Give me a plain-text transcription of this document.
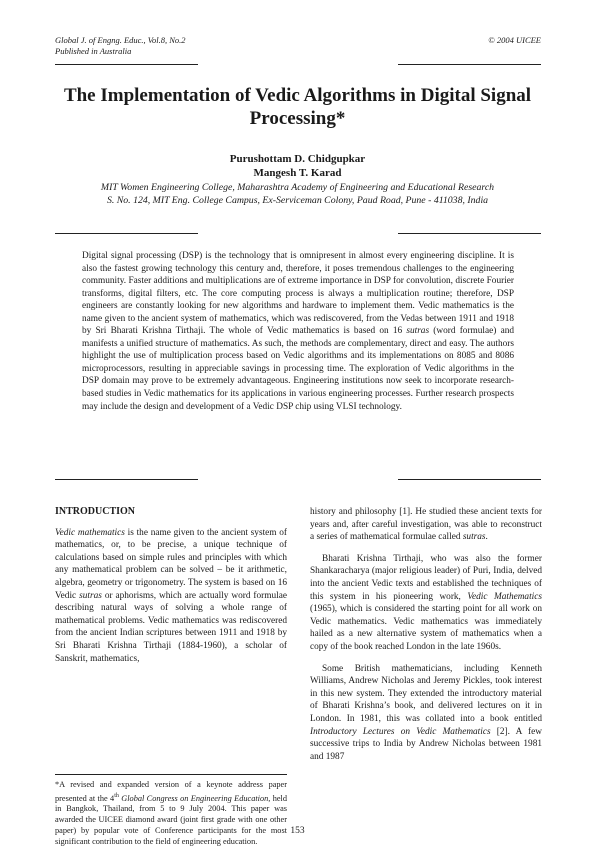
Global J. of Engng. Educ., Vol.8, No.2
Published in Australia
© 2004 UICEE
The Implementation of Vedic Algorithms in Digital Signal Processing*
Purushottam D. Chidgupkar
Mangesh T. Karad
MIT Women Engineering College, Maharashtra Academy of Engineering and Educational Research
S. No. 124, MIT Eng. College Campus, Ex-Serviceman Colony, Paud Road, Pune - 411038, India
Digital signal processing (DSP) is the technology that is omnipresent in almost every engineering discipline. It is also the fastest growing technology this century and, therefore, it poses tremendous challenges to the engineering community. Faster additions and multiplications are of extreme importance in DSP for convolution, discrete Fourier transforms, digital filters, etc. The core computing process is always a multiplication routine; therefore, DSP engineers are constantly looking for new algorithms and hardware to implement them. Vedic mathematics is the name given to the ancient system of mathematics, which was rediscovered, from the Vedas between 1911 and 1918 by Sri Bharati Krishna Tirthaji. The whole of Vedic mathematics is based on 16 sutras (word formulae) and manifests a unified structure of mathematics. As such, the methods are complementary, direct and easy. The authors highlight the use of multiplication process based on Vedic algorithms and its implementations on 8085 and 8086 microprocessors, resulting in appreciable savings in processing time. The exploration of Vedic algorithms in the DSP domain may prove to be extremely advantageous. Engineering institutions now seek to incorporate research-based studies in Vedic mathematics for its applications in various engineering processes. Further research prospects may include the design and development of a Vedic DSP chip using VLSI technology.
INTRODUCTION

Vedic mathematics is the name given to the ancient system of mathematics, or, to be precise, a unique technique of calculations based on simple rules and principles with which any mathematical problem can be solved – be it arithmetic, algebra, geometry or trigonometry. The system is based on 16 Vedic sutras or aphorisms, which are actually word formulae describing natural ways of solving a whole range of mathematical problems. Vedic mathematics was rediscovered from the ancient Indian scriptures between 1911 and 1918 by Sri Bharati Krishna Tirthaji (1884-1960), a scholar of Sanskrit, mathematics,

*A revised and expanded version of a keynote address paper presented at the 4th Global Congress on Engineering Education, held in Bangkok, Thailand, from 5 to 9 July 2004. This paper was awarded the UICEE diamond award (joint first grade with one other paper) by popular vote of Conference participants for the most significant contribution to the field of engineering education.

history and philosophy [1]. He studied these ancient texts for years and, after careful investigation, was able to reconstruct a series of mathematical formulae called sutras.

Bharati Krishna Tirthaji, who was also the former Shankaracharya (major religious leader) of Puri, India, delved into the ancient Vedic texts and established the techniques of this system in his pioneering work, Vedic Mathematics (1965), which is considered the starting point for all work on Vedic mathematics. Vedic mathematics was immediately hailed as a new alternative system of mathematics when a copy of the book reached London in the late 1960s.

Some British mathematicians, including Kenneth Williams, Andrew Nicholas and Jeremy Pickles, took interest in this new system. They extended the introductory material of Bharati Krishna’s book, and delivered lectures on it in London. In 1981, this was collated into a book entitled Introductory Lectures on Vedic Mathematics [2]. A few successive trips to India by Andrew Nicholas between 1981 and 1987

153
